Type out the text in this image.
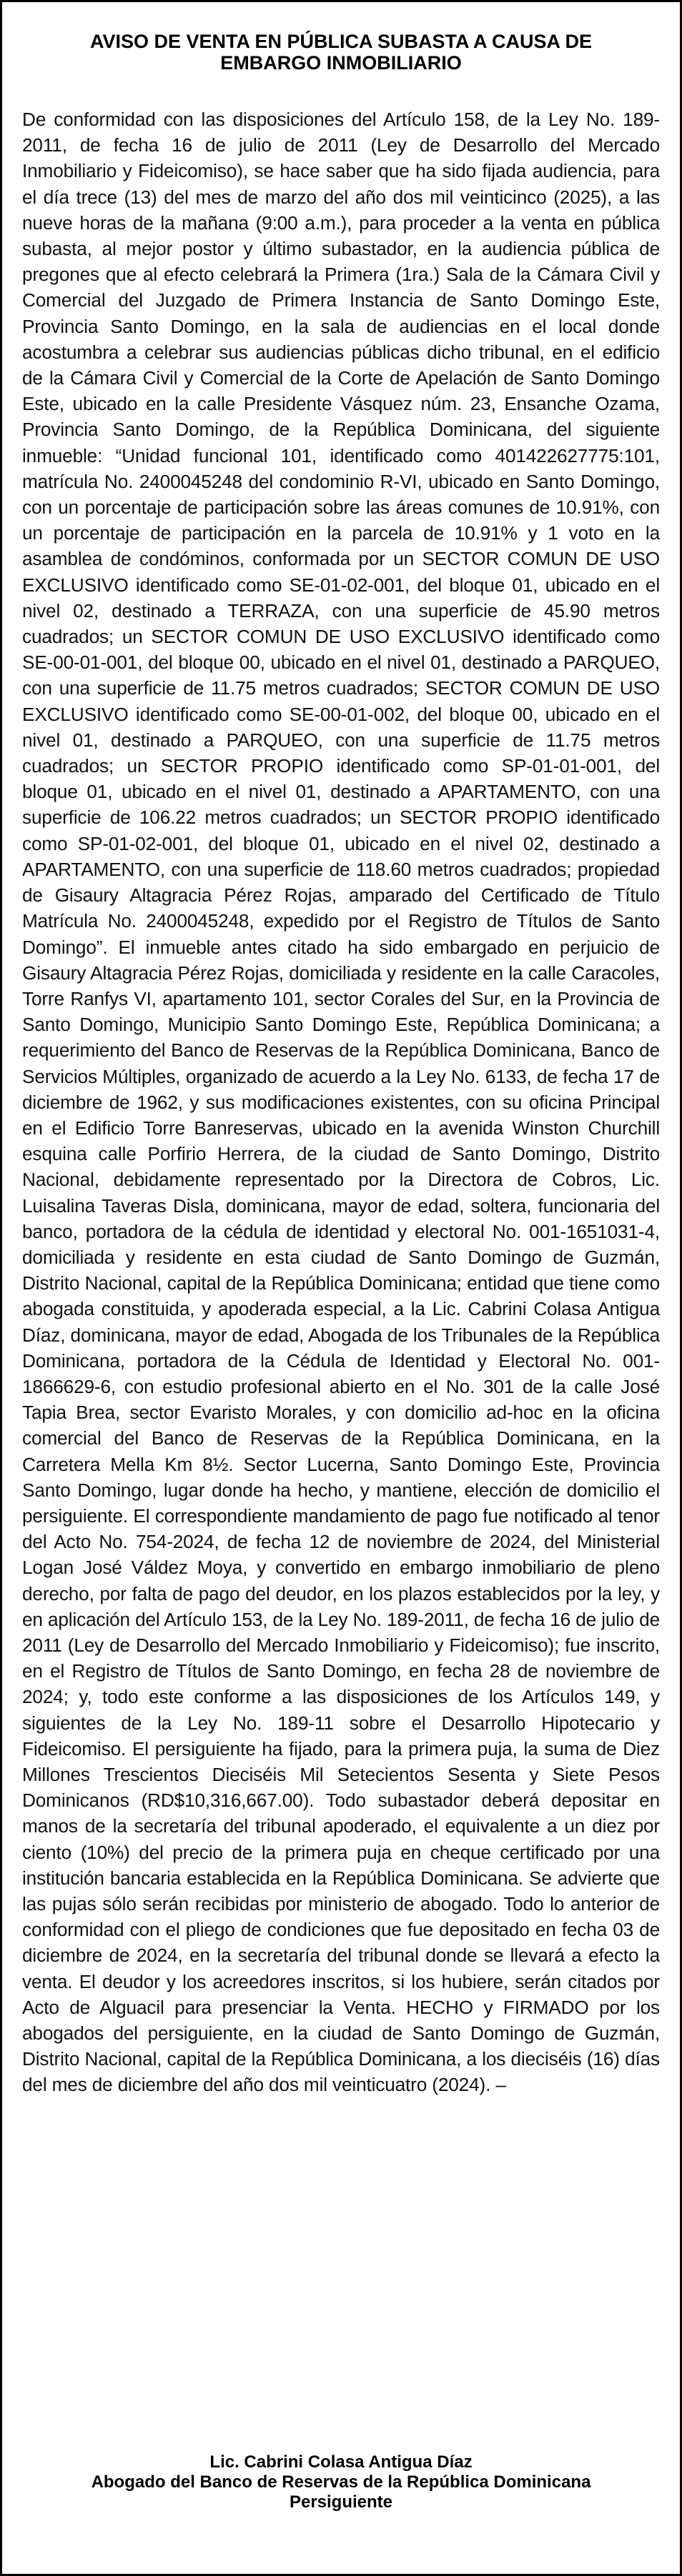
AVISO DE VENTA EN PÚBLICA SUBASTA A CAUSA DE EMBARGO INMOBILIARIO

De conformidad con las disposiciones del Artículo 158, de la Ley No. 189-2011, de fecha 16 de julio de 2011 (Ley de Desarrollo del Mercado Inmobiliario y Fideicomiso), se hace saber que ha sido fijada audiencia, para el día trece (13) del mes de marzo del año dos mil veinticinco (2025), a las nueve horas de la mañana (9:00 a.m.), para proceder a la venta en pública subasta, al mejor postor y último subastador, en la audiencia pública de pregones que al efecto celebrará la Primera (1ra.) Sala de la Cámara Civil y Comercial del Juzgado de Primera Instancia de Santo Domingo Este, Provincia Santo Domingo, en la sala de audiencias en el local donde acostumbra a celebrar sus audiencias públicas dicho tribunal, en el edificio de la Cámara Civil y Comercial de la Corte de Apelación de Santo Domingo Este, ubicado en la calle Presidente Vásquez núm. 23, Ensanche Ozama, Provincia Santo Domingo, de la República Dominicana, del siguiente inmueble: “Unidad funcional 101, identificado como 401422627775:101, matrícula No. 2400045248 del condominio R-VI, ubicado en Santo Domingo, con un porcentaje de participación sobre las áreas comunes de 10.91%, con un porcentaje de participación en la parcela de 10.91% y 1 voto en la asamblea de condóminos, conformada por un SECTOR COMUN DE USO EXCLUSIVO identificado como SE-01-02-001, del bloque 01, ubicado en el nivel 02, destinado a TERRAZA, con una superficie de 45.90 metros cuadrados; un SECTOR COMUN DE USO EXCLUSIVO identificado como SE-00-01-001, del bloque 00, ubicado en el nivel 01, destinado a PARQUEO, con una superficie de 11.75 metros cuadrados; SECTOR COMUN DE USO EXCLUSIVO identificado como SE-00-01-002, del bloque 00, ubicado en el nivel 01, destinado a PARQUEO, con una superficie de 11.75 metros cuadrados; un SECTOR PROPIO identificado como SP-01-01-001, del bloque 01, ubicado en el nivel 01, destinado a APARTAMENTO, con una superficie de 106.22 metros cuadrados; un SECTOR PROPIO identificado como SP-01-02-001, del bloque 01, ubicado en el nivel 02, destinado a APARTAMENTO, con una superficie de 118.60 metros cuadrados; propiedad de Gisaury Altagracia Pérez Rojas, amparado del Certificado de Título Matrícula No. 2400045248, expedido por el Registro de Títulos de Santo Domingo”. El inmueble antes citado ha sido embargado en perjuicio de Gisaury Altagracia Pérez Rojas, domiciliada y residente en la calle Caracoles, Torre Ranfys VI, apartamento 101, sector Corales del Sur, en la Provincia de Santo Domingo, Municipio Santo Domingo Este, República Dominicana; a requerimiento del Banco de Reservas de la República Dominicana, Banco de Servicios Múltiples, organizado de acuerdo a la Ley No. 6133, de fecha 17 de diciembre de 1962, y sus modificaciones existentes, con su oficina Principal en el Edificio Torre Banreservas, ubicado en la avenida Winston Churchill esquina calle Porfirio Herrera, de la ciudad de Santo Domingo, Distrito Nacional, debidamente representado por la Directora de Cobros, Lic. Luisalina Taveras Disla, dominicana, mayor de edad, soltera, funcionaria del banco, portadora de la cédula de identidad y electoral No. 001-1651031-4, domiciliada y residente en esta ciudad de Santo Domingo de Guzmán, Distrito Nacional, capital de la República Dominicana; entidad que tiene como abogada constituida, y apoderada especial, a la Lic. Cabrini Colasa Antigua Díaz, dominicana, mayor de edad, Abogada de los Tribunales de la República Dominicana, portadora de la Cédula de Identidad y Electoral No. 001-1866629-6, con estudio profesional abierto en el No. 301 de la calle José Tapia Brea, sector Evaristo Morales, y con domicilio ad-hoc en la oficina comercial del Banco de Reservas de la República Dominicana, en la Carretera Mella Km 8½. Sector Lucerna, Santo Domingo Este, Provincia Santo Domingo, lugar donde ha hecho, y mantiene, elección de domicilio el persiguiente. El correspondiente mandamiento de pago fue notificado al tenor del Acto No. 754-2024, de fecha 12 de noviembre de 2024, del Ministerial Logan José Váldez Moya, y convertido en embargo inmobiliario de pleno derecho, por falta de pago del deudor, en los plazos establecidos por la ley, y en aplicación del Artículo 153, de la Ley No. 189-2011, de fecha 16 de julio de 2011 (Ley de Desarrollo del Mercado Inmobiliario y Fideicomiso); fue inscrito, en el Registro de Títulos de Santo Domingo, en fecha 28 de noviembre de 2024; y, todo este conforme a las disposiciones de los Artículos 149, y siguientes de la Ley No. 189-11 sobre el Desarrollo Hipotecario y Fideicomiso. El persiguiente ha fijado, para la primera puja, la suma de Diez Millones Trescientos Dieciséis Mil Setecientos Sesenta y Siete Pesos Dominicanos (RD$10,316,667.00). Todo subastador deberá depositar en manos de la secretaría del tribunal apoderado, el equivalente a un diez por ciento (10%) del precio de la primera puja en cheque certificado por una institución bancaria establecida en la República Dominicana. Se advierte que las pujas sólo serán recibidas por ministerio de abogado. Todo lo anterior de conformidad con el pliego de condiciones que fue depositado en fecha 03 de diciembre de 2024, en la secretaría del tribunal donde se llevará a efecto la venta. El deudor y los acreedores inscritos, si los hubiere, serán citados por Acto de Alguacil para presenciar la Venta. HECHO y FIRMADO por los abogados del persiguiente, en la ciudad de Santo Domingo de Guzmán, Distrito Nacional, capital de la República Dominicana, a los dieciséis (16) días del mes de diciembre del año dos mil veinticuatro (2024). –

Lic. Cabrini Colasa Antigua Díaz
Abogado del Banco de Reservas de la República Dominicana
Persiguiente
